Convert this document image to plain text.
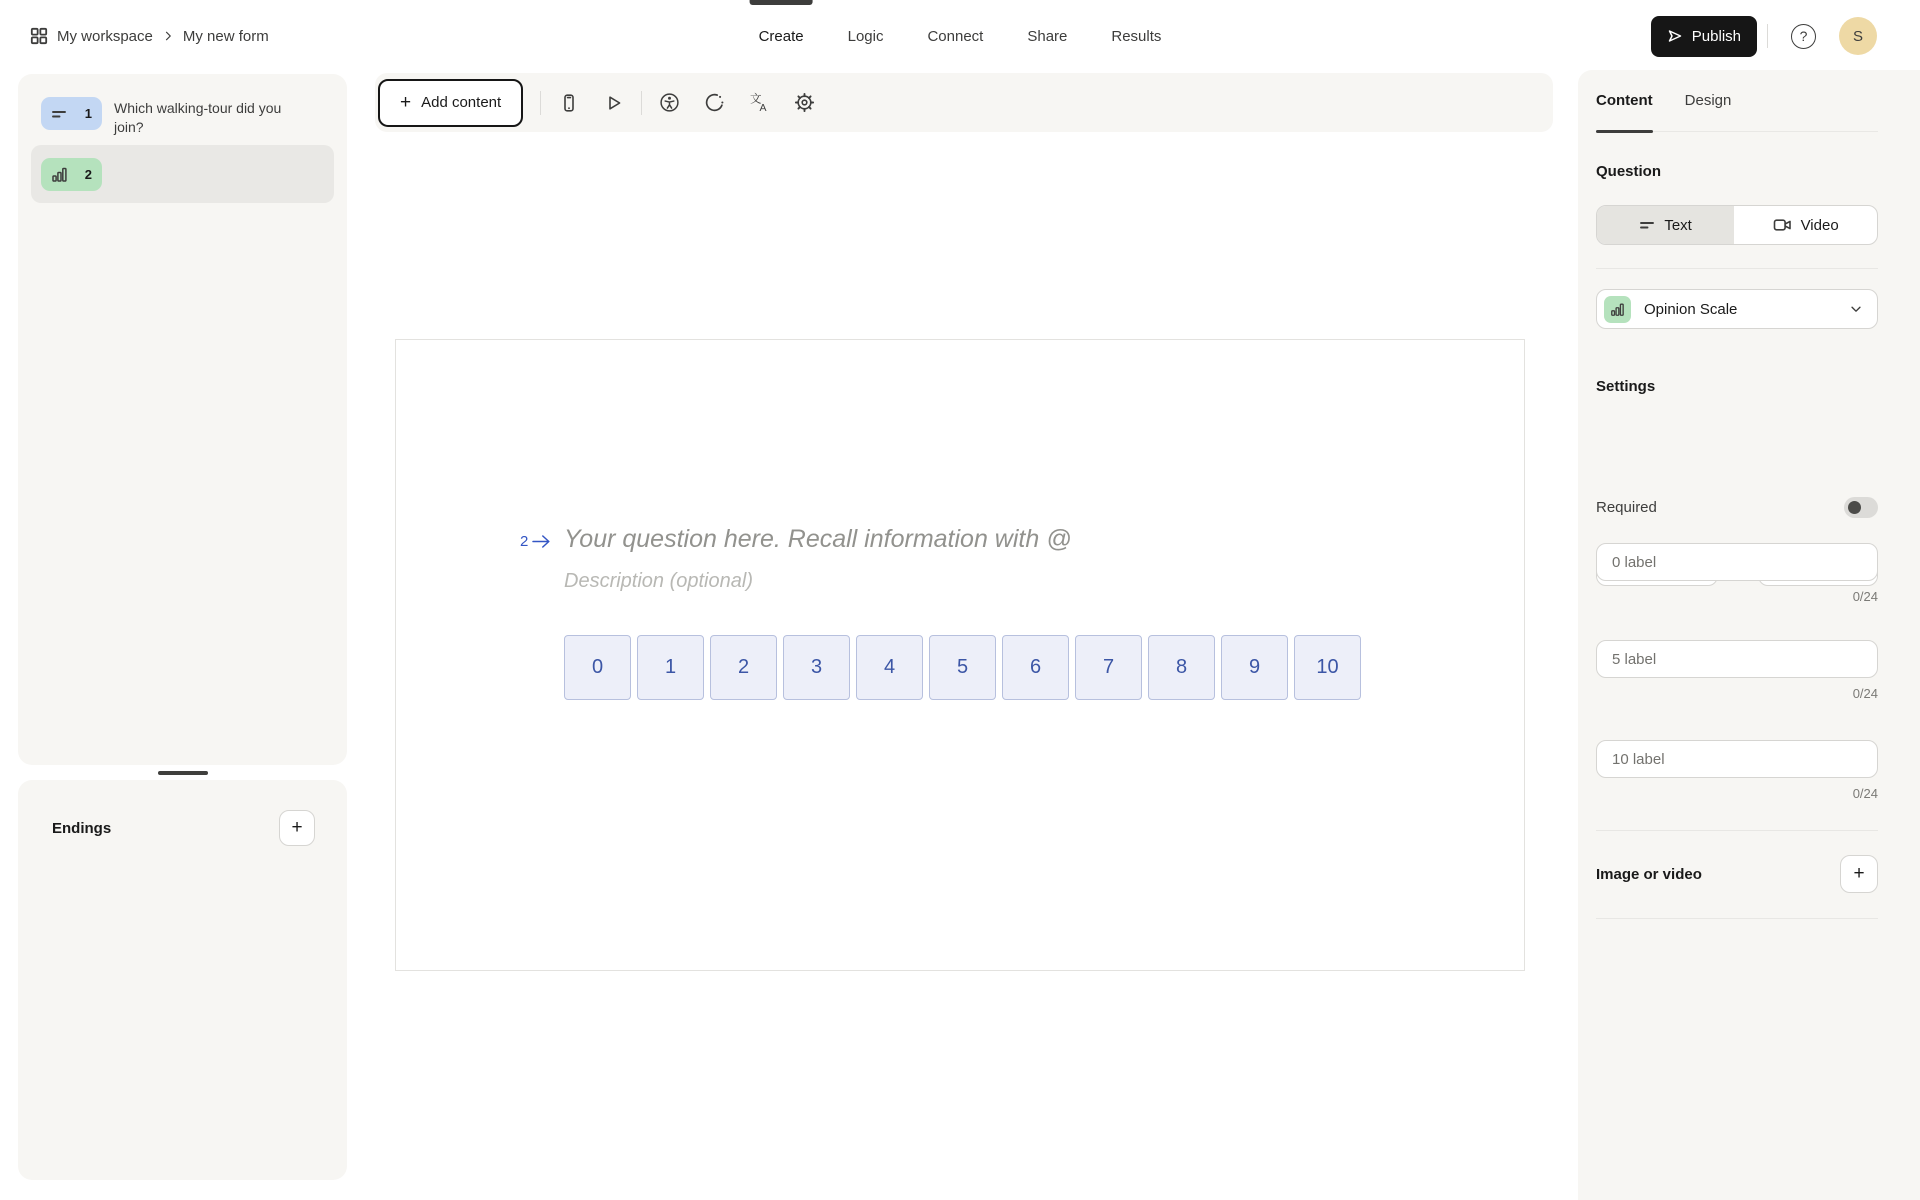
My workspace My new form	Create	Logic	Connect	Share	Results	Publish	?	S
1 Which walking-tour did you join?
2
Endings	+
+ Add content	文
A
2 Your question here. Recall information with @
Description (optional)
0	1	2	3	4	5	6	7	8	9	10
Content Design
Question
Text	Video
Opinion Scale
Settings
Required
0 label
0/24
5 label
0/24
10 label
0/24
Image or video	+
